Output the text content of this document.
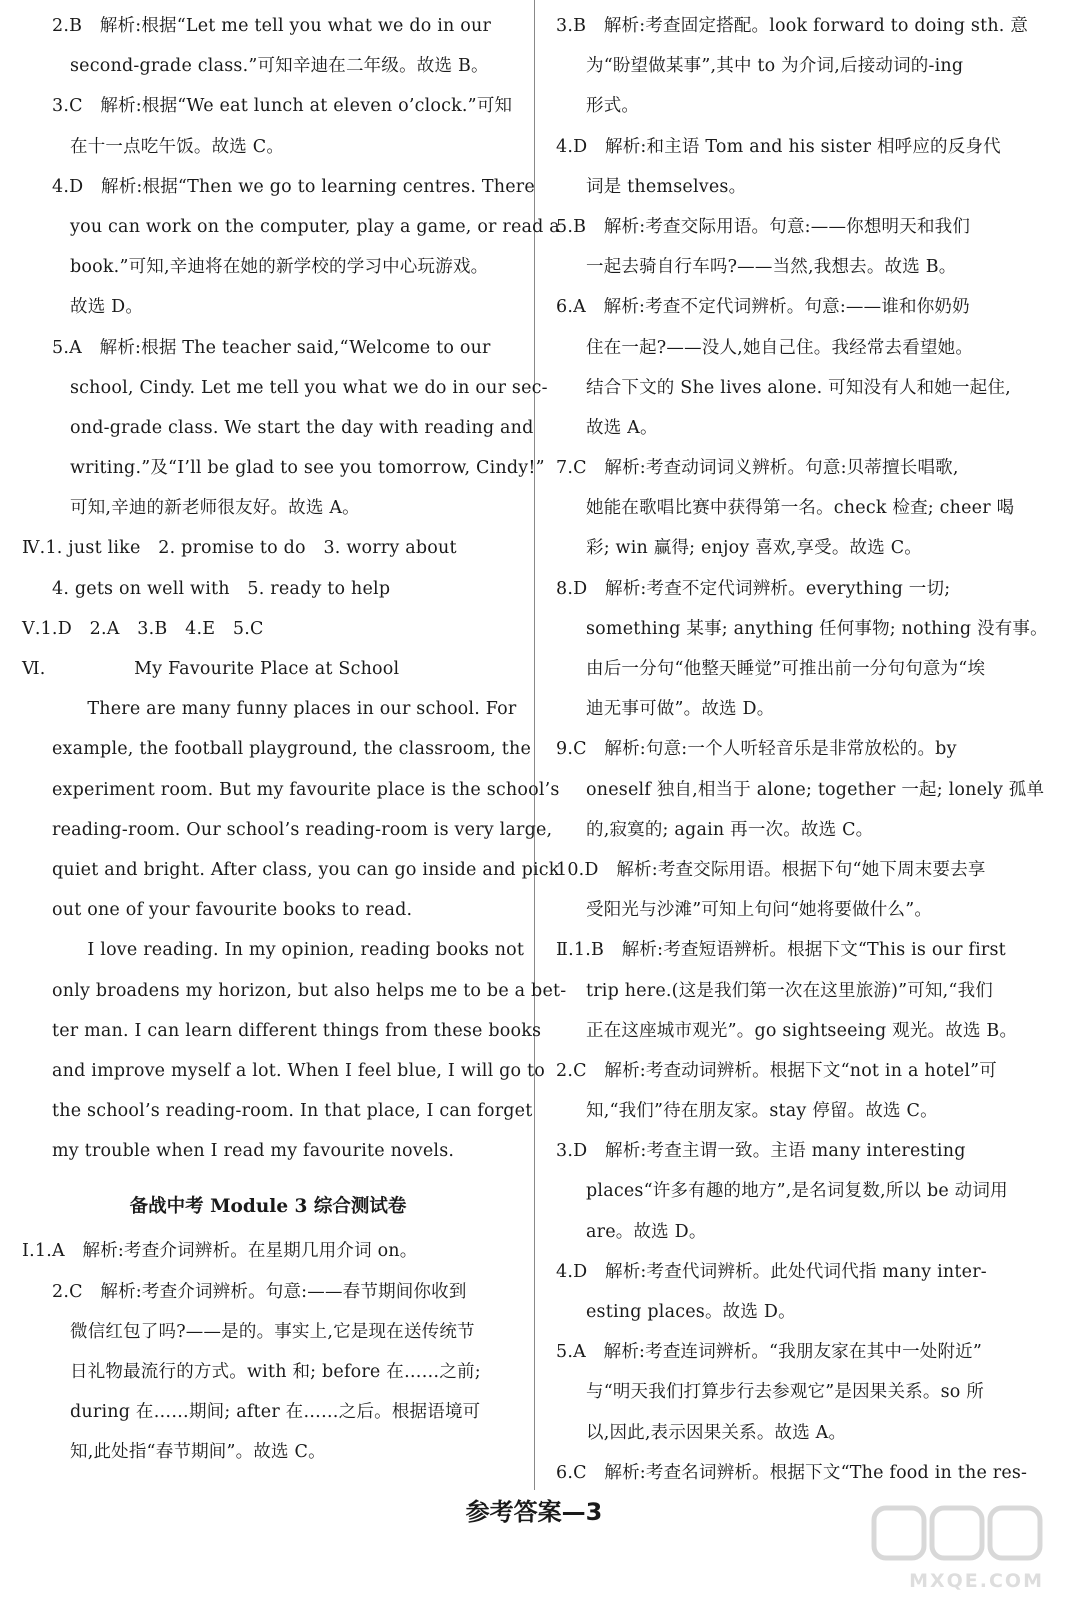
2.B　解析:根据“Let me tell you what we do in our
second-grade class.”可知辛迪在二年级。故选 B。
3.C　解析:根据“We eat lunch at eleven o’clock.”可知
在十一点吃午饭。故选 C。
4.D　解析:根据“Then we go to learning centres. There
you can work on the computer, play a game, or read a
book.”可知,辛迪将在她的新学校的学习中心玩游戏。
故选 D。
5.A　解析:根据 The teacher said,“Welcome to our
school, Cindy. Let me tell you what we do in our sec-
ond-grade class. We start the day with reading and
writing.”及“I’ll be glad to see you tomorrow, Cindy!”
可知,辛迪的新老师很友好。故选 A。
Ⅳ.1. just like　2. promise to do　3. worry about
4. gets on well with　5. ready to help
Ⅴ.1.D　2.A　3.B　4.E　5.C
Ⅵ.　　　　　My Favourite Place at School
　　There are many funny places in our school. For
example, the football playground, the classroom, the
experiment room. But my favourite place is the school’s
reading-room. Our school’s reading-room is very large,
quiet and bright. After class, you can go inside and pick
out one of your favourite books to read.
　　I love reading. In my opinion, reading books not
only broadens my horizon, but also helps me to be a bet-
ter man. I can learn different things from these books
and improve myself a lot. When I feel blue, I will go to
the school’s reading-room. In that place, I can forget
my trouble when I read my favourite novels.
备战中考 Module 3 综合测试卷
Ⅰ.1.A　解析:考查介词辨析。在星期几用介词 on。
2.C　解析:考查介词辨析。句意:——春节期间你收到
微信红包了吗?——是的。事实上,它是现在送传统节
日礼物最流行的方式。with 和; before 在……之前;
during 在……期间; after 在……之后。根据语境可
知,此处指“春节期间”。故选 C。
3.B　解析:考查固定搭配。look forward to doing sth. 意
为“盼望做某事”,其中 to 为介词,后接动词的-ing
形式。
4.D　解析:和主语 Tom and his sister 相呼应的反身代
词是 themselves。
5.B　解析:考查交际用语。句意:——你想明天和我们
一起去骑自行车吗?——当然,我想去。故选 B。
6.A　解析:考查不定代词辨析。句意:——谁和你奶奶
住在一起?——没人,她自己住。我经常去看望她。
结合下文的 She lives alone. 可知没有人和她一起住,
故选 A。
7.C　解析:考查动词词义辨析。句意:贝蒂擅长唱歌,
她能在歌唱比赛中获得第一名。check 检查; cheer 喝
彩; win 赢得; enjoy 喜欢,享受。故选 C。
8.D　解析:考查不定代词辨析。everything 一切;
something 某事; anything 任何事物; nothing 没有事。
由后一分句“他整天睡觉”可推出前一分句句意为“埃
迪无事可做”。故选 D。
9.C　解析:句意:一个人听轻音乐是非常放松的。by
oneself 独自,相当于 alone; together 一起; lonely 孤单
的,寂寞的; again 再一次。故选 C。
10.D　解析:考查交际用语。根据下句“她下周末要去享
受阳光与沙滩”可知上句问“她将要做什么”。
Ⅱ.1.B　解析:考查短语辨析。根据下文“This is our first
trip here.(这是我们第一次在这里旅游)”可知,“我们
正在这座城市观光”。go sightseeing 观光。故选 B。
2.C　解析:考查动词辨析。根据下文“not in a hotel”可
知,“我们”待在朋友家。stay 停留。故选 C。
3.D　解析:考查主谓一致。主语 many interesting
places“许多有趣的地方”,是名词复数,所以 be 动词用
are。故选 D。
4.D　解析:考查代词辨析。此处代词代指 many inter-
esting places。故选 D。
5.A　解析:考查连词辨析。“我朋友家在其中一处附近”
与“明天我们打算步行去参观它”是因果关系。so 所
以,因此,表示因果关系。故选 A。
6.C　解析:考查名词辨析。根据下文“The food in the res-
参考答案—3
MXQE.COM
